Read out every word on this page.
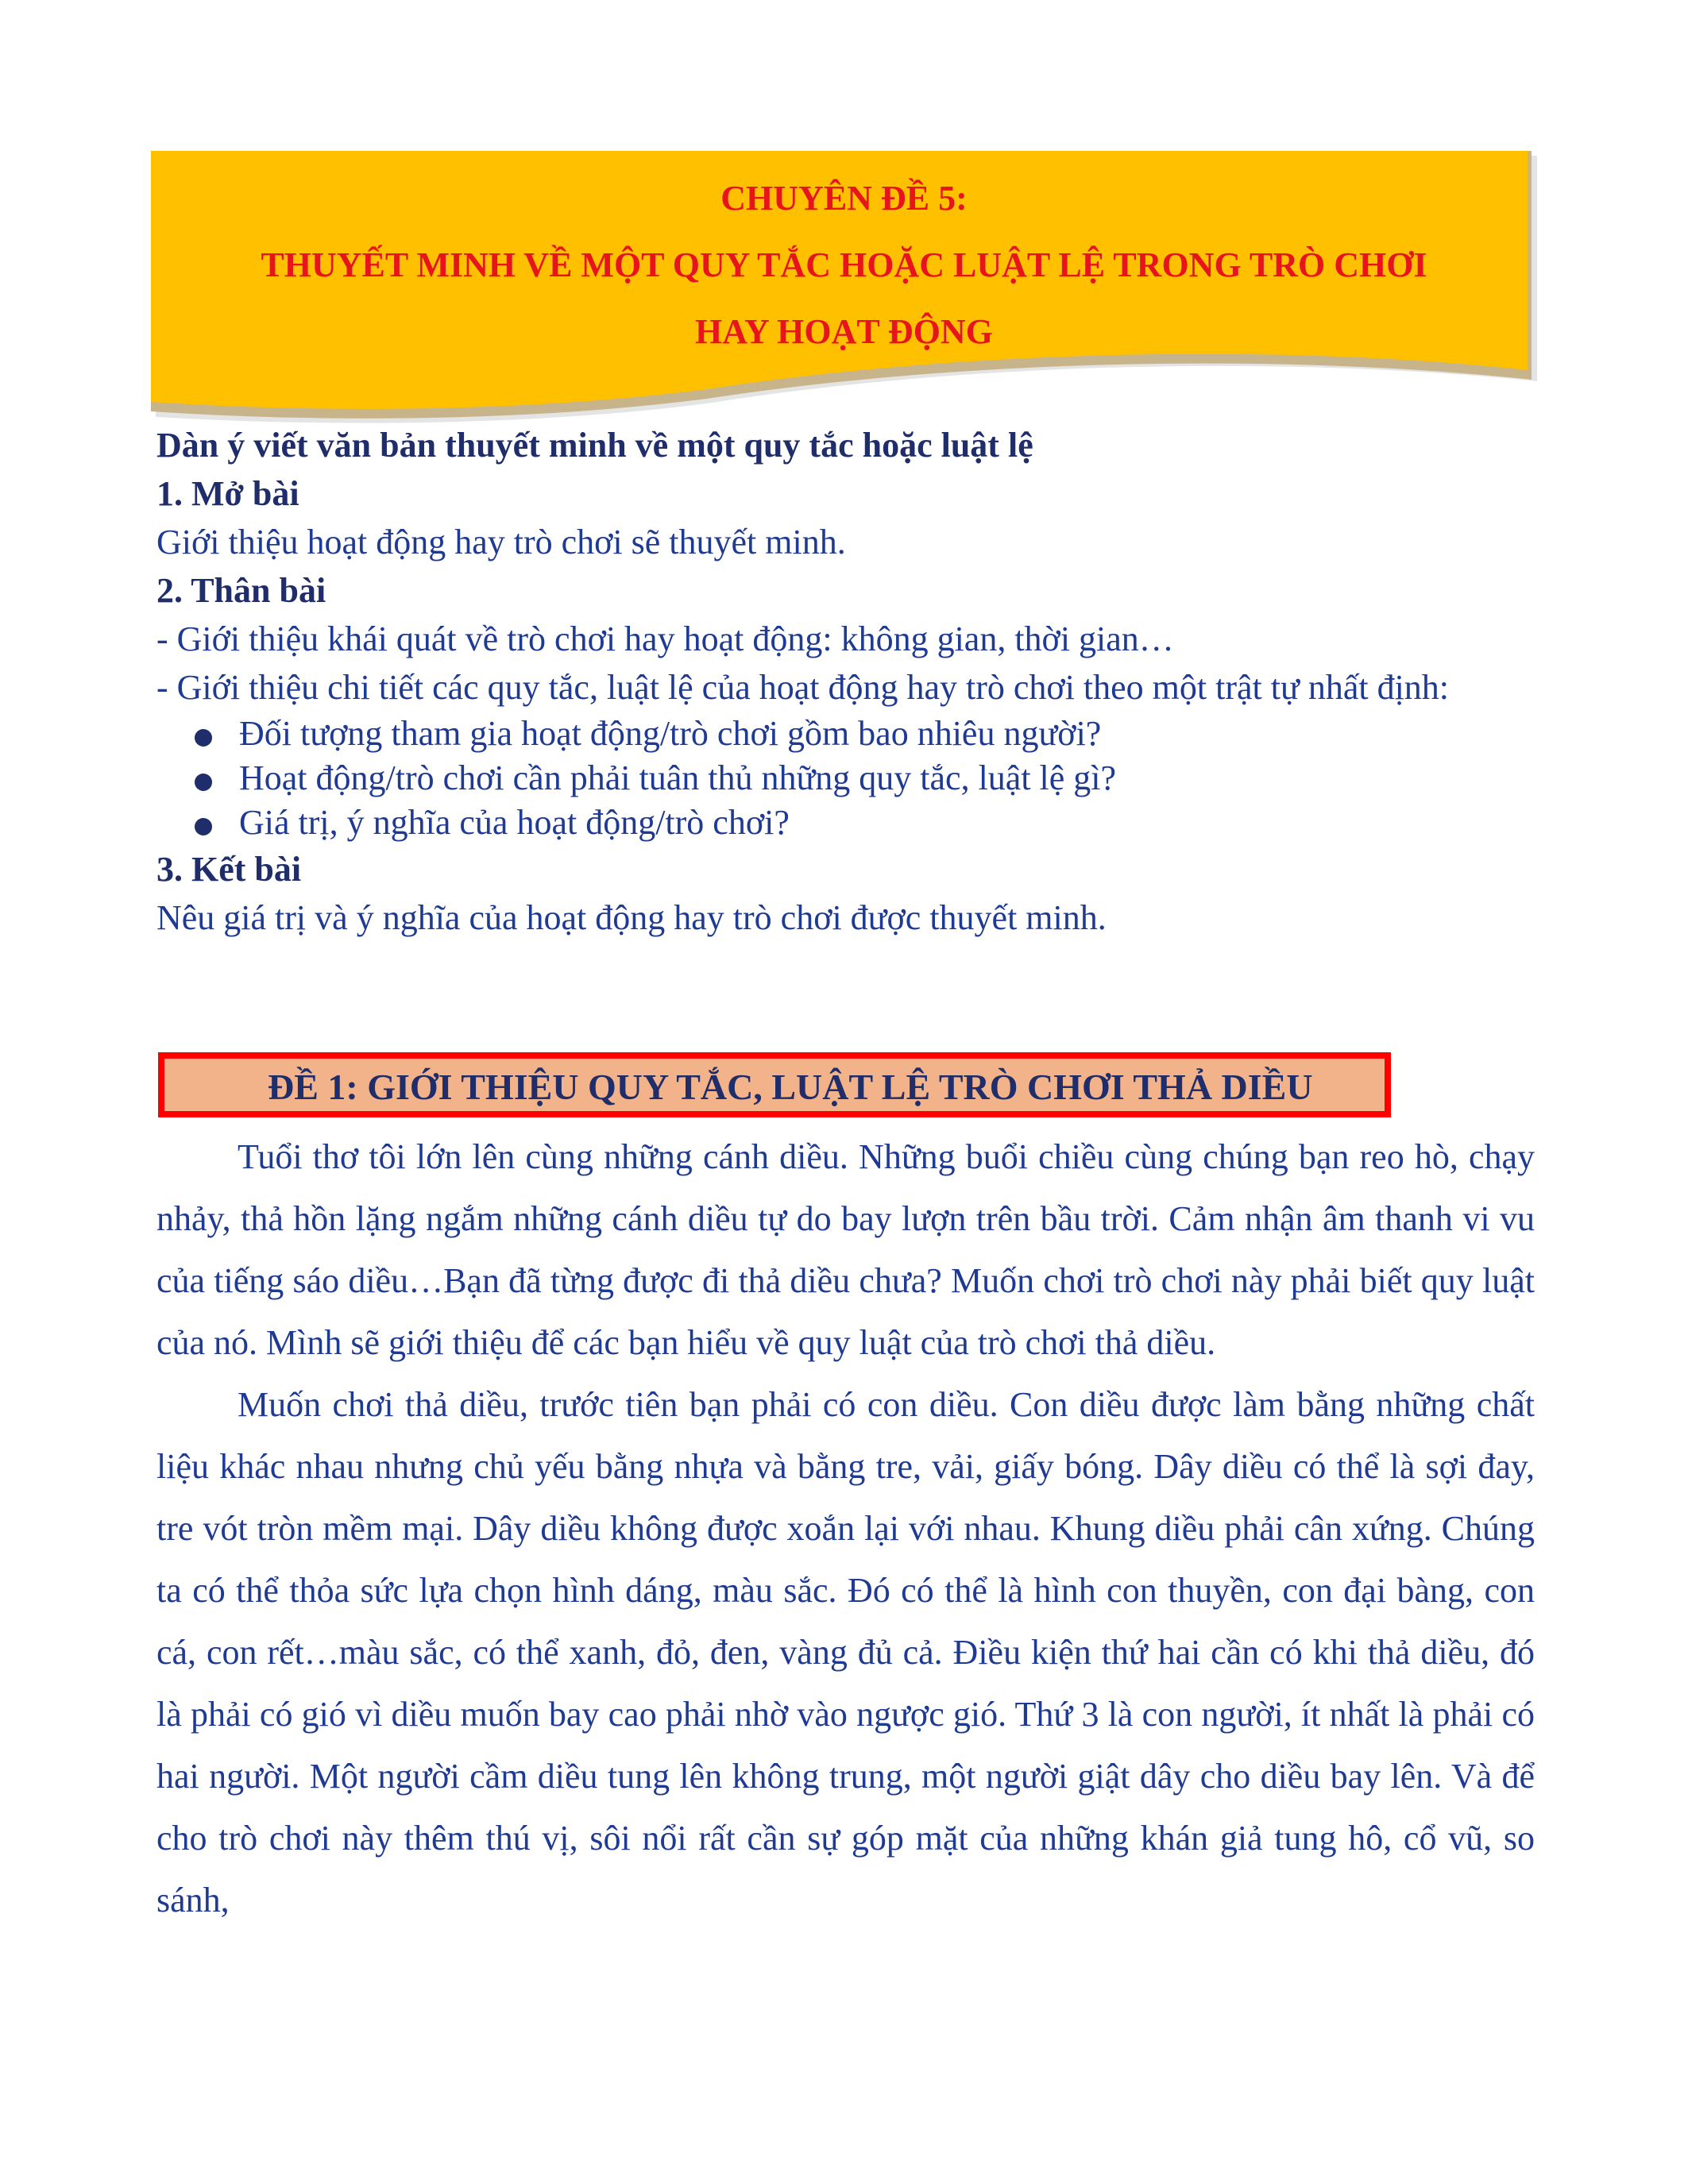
CHUYÊN ĐỀ 5:
THUYẾT MINH VỀ MỘT QUY TẮC HOẶC LUẬT LỆ TRONG TRÒ CHƠI
HAY HOẠT ĐỘNG
Dàn ý viết văn bản thuyết minh về một quy tắc hoặc luật lệ
1. Mở bài
Giới thiệu hoạt động hay trò chơi sẽ thuyết minh.
2. Thân bài
- Giới thiệu khái quát về trò chơi hay hoạt động: không gian, thời gian…
- Giới thiệu chi tiết các quy tắc, luật lệ của hoạt động hay trò chơi theo một trật tự nhất định:
Đối tượng tham gia hoạt động/trò chơi gồm bao nhiêu người?
Hoạt động/trò chơi cần phải tuân thủ những quy tắc, luật lệ gì?
Giá trị, ý nghĩa của hoạt động/trò chơi?
3. Kết bài
Nêu giá trị và ý nghĩa của hoạt động hay trò chơi được thuyết minh.
ĐỀ 1: GIỚI THIỆU QUY TẮC, LUẬT LỆ TRÒ CHƠI THẢ DIỀU

Tuổi thơ tôi lớn lên cùng những cánh diều. Những buổi chiều cùng chúng bạn reo hò, chạy nhảy, thả hồn lặng ngắm những cánh diều tự do bay lượn trên bầu trời. Cảm nhận âm thanh vi vu của tiếng sáo diều…Bạn đã từng được đi thả diều chưa? Muốn chơi trò chơi này phải biết quy luật của nó. Mình sẽ giới thiệu để các bạn hiểu về quy luật của trò chơi thả diều.

Muốn chơi thả diều, trước tiên bạn phải có con diều. Con diều được làm bằng những chất liệu khác nhau nhưng chủ yếu bằng nhựa và bằng tre, vải, giấy bóng. Dây diều có thể là sợi đay, tre vót tròn mềm mại. Dây diều không được xoắn lại với nhau. Khung diều phải cân xứng. Chúng ta có thể thỏa sức lựa chọn hình dáng, màu sắc. Đó có thể là hình con thuyền, con đại bàng, con cá, con rết…màu sắc, có thể xanh, đỏ, đen, vàng đủ cả. Điều kiện thứ hai cần có khi thả diều, đó là phải có gió vì diều muốn bay cao phải nhờ vào ngược gió. Thứ 3 là con người, ít nhất là phải có hai người. Một người cầm diều tung lên không trung, một người giật dây cho diều bay lên. Và để cho trò chơi này thêm thú vị, sôi nổi rất cần sự góp mặt của những khán giả tung hô, cổ vũ, so sánh,
